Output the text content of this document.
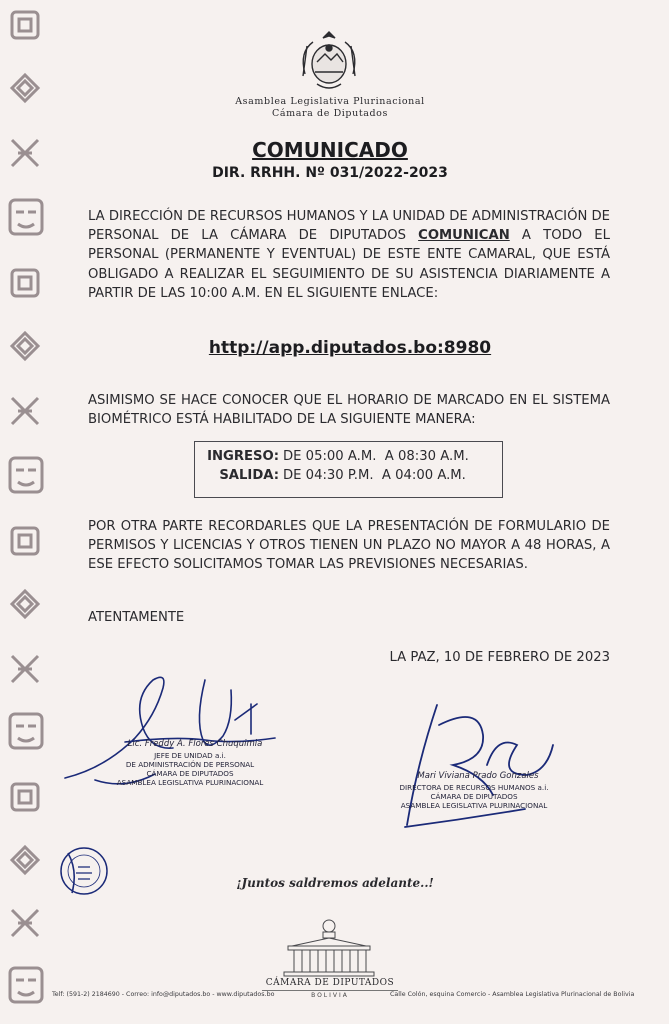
Asamblea Legislativa Plurinacional
Cámara de Diputados
COMUNICADO
DIR. RRHH. Nº 031/2022-2023
LA DIRECCIÓN DE RECURSOS HUMANOS Y LA UNIDAD DE ADMINISTRACIÓN DE PERSONAL DE LA CÁMARA DE DIPUTADOS COMUNICAN A TODO EL PERSONAL (PERMANENTE Y EVENTUAL) DE ESTE ENTE CAMARAL, QUE ESTÁ OBLIGADO A REALIZAR EL SEGUIMIENTO DE SU ASISTENCIA DIARIAMENTE A PARTIR DE LAS 10:00 A.M. EN EL SIGUIENTE ENLACE:
http://app.diputados.bo:8980
ASIMISMO SE HACE CONOCER QUE EL HORARIO DE MARCADO EN EL SISTEMA BIOMÉTRICO ESTÁ HABILITADO DE LA SIGUIENTE MANERA:
INGRESO: DE 05:00 A.M.  A 08:30 A.M.
SALIDA: DE 04:30 P.M.  A 04:00 A.M.
POR OTRA PARTE RECORDARLES QUE LA PRESENTACIÓN DE FORMULARIO DE PERMISOS Y LICENCIAS Y OTROS TIENEN UN PLAZO NO MAYOR A 48 HORAS, A ESE EFECTO SOLICITAMOS TOMAR LAS PREVISIONES NECESARIAS.
ATENTAMENTE
LA PAZ, 10 DE FEBRERO DE 2023
Lic. Freddy A. Flores Chuquimia
JEFE DE UNIDAD a.i.
DE ADMINISTRACIÓN DE PERSONAL
CÁMARA DE DIPUTADOS
ASAMBLEA LEGISLATIVA PLURINACIONAL
Mari Viviana Prado Gonzales
DIRECTORA DE RECURSOS HUMANOS a.i.
CÁMARA DE DIPUTADOS
ASAMBLEA LEGISLATIVA PLURINACIONAL
¡Juntos saldremos adelante..!
CÁMARA DE DIPUTADOS
BOLIVIA
Telf: (591-2) 2184690 - Correo: info@diputados.bo - www.diputados.bo	Calle Colón, esquina Comercio - Asamblea Legislativa Plurinacional de Bolivia
